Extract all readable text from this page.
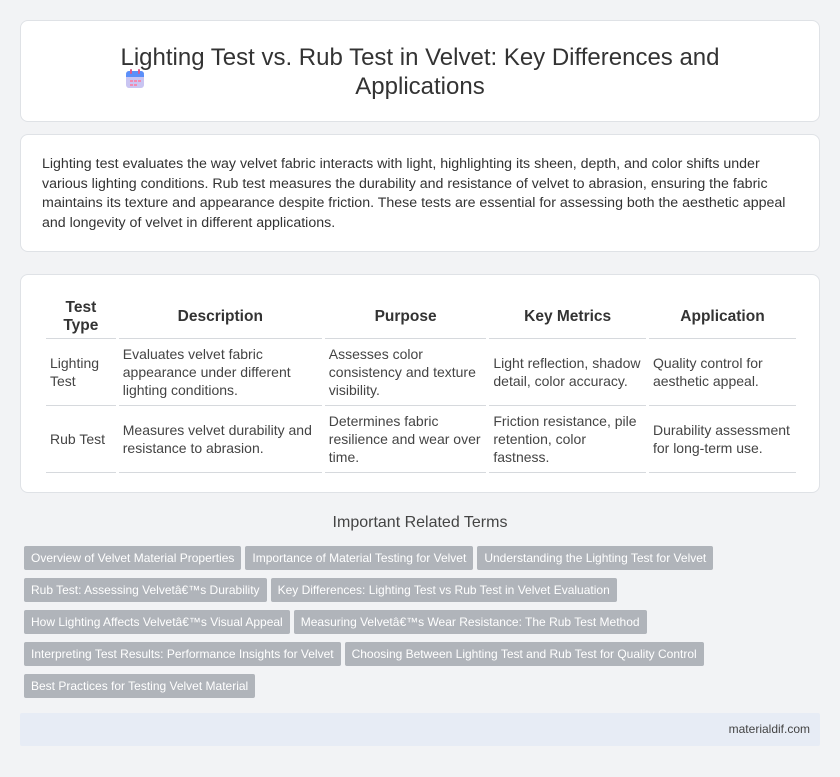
Lighting Test vs. Rub Test in Velvet: Key Differences and Applications

Lighting test evaluates the way velvet fabric interacts with light, highlighting its sheen, depth, and color shifts under various lighting conditions. Rub test measures the durability and resistance of velvet to abrasion, ensuring the fabric maintains its texture and appearance despite friction. These tests are essential for assessing both the aesthetic appeal and longevity of velvet in different applications.

Test Type	Description	Purpose	Key Metrics	Application
Lighting Test	Evaluates velvet fabric appearance under different lighting conditions.	Assesses color consistency and texture visibility.	Light reflection, shadow detail, color accuracy.	Quality control for aesthetic appeal.
Rub Test	Measures velvet durability and resistance to abrasion.	Determines fabric resilience and wear over time.	Friction resistance, pile retention, color fastness.	Durability assessment for long-term use.
Important Related Terms
Overview of Velvet Material Properties Importance of Material Testing for Velvet Understanding the Lighting Test for Velvet
Rub Test: Assessing Velvetâ€™s Durability Key Differences: Lighting Test vs Rub Test in Velvet Evaluation
How Lighting Affects Velvetâ€™s Visual Appeal Measuring Velvetâ€™s Wear Resistance: The Rub Test Method
Interpreting Test Results: Performance Insights for Velvet Choosing Between Lighting Test and Rub Test for Quality Control
Best Practices for Testing Velvet Material
materialdif.com
